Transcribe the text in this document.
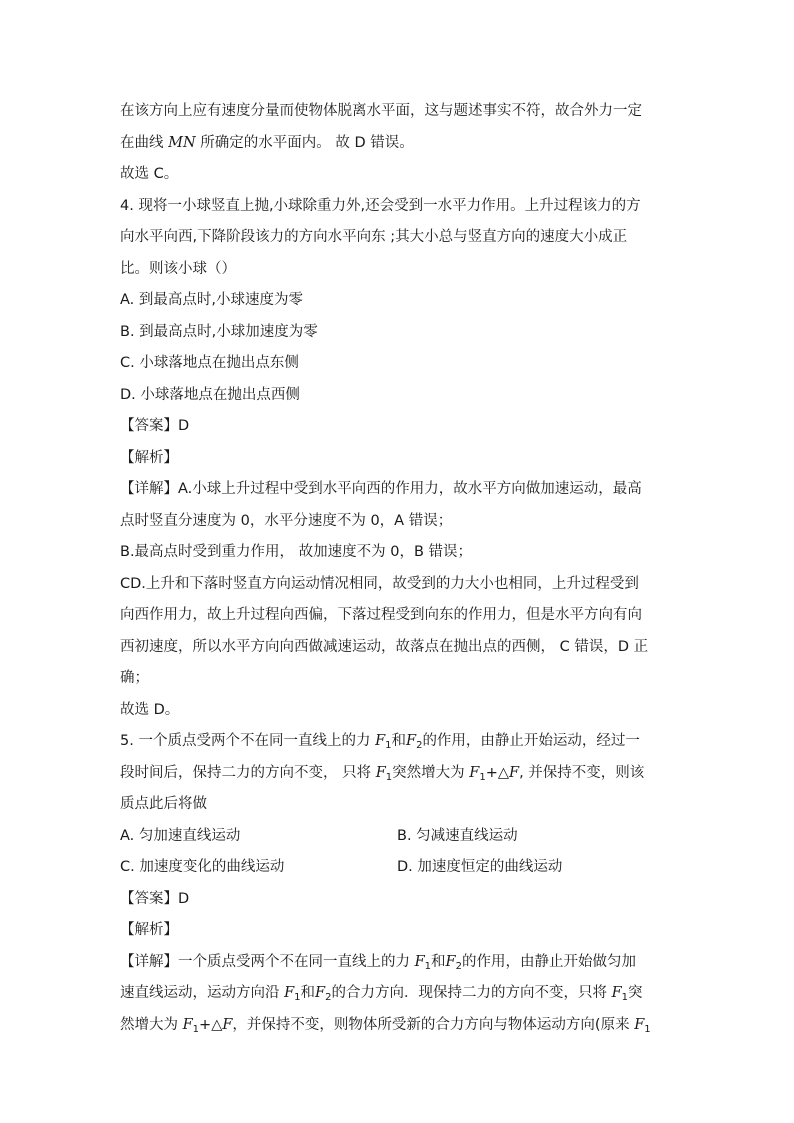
在该方向上应有速度分量而使物体脱离水平面，这与题述事实不符，故合外力一定
在曲线 MN 所确定的水平面内。 故 D 错误。
故选 C。
4. 现将一小球竖直上抛,小球除重力外,还会受到一水平力作用。上升过程该力的方
向水平向西,下降阶段该力的方向水平向东 ;其大小总与竖直方向的速度大小成正
比。则该小球（）
A. 到最高点时,小球速度为零
B. 到最高点时,小球加速度为零
C. 小球落地点在抛出点东侧
D. 小球落地点在抛出点西侧
【答案】D
【解析】
【详解】A.小球上升过程中受到水平向西的作用力，故水平方向做加速运动，最高
点时竖直分速度为 0，水平分速度不为 0，A 错误；
B.最高点时受到重力作用， 故加速度不为 0，B 错误；
CD.上升和下落时竖直方向运动情况相同，故受到的力大小也相同，上升过程受到
向西作用力，故上升过程向西偏，下落过程受到向东的作用力，但是水平方向有向
西初速度，所以水平方向向西做减速运动，故落点在抛出点的西侧， C 错误，D 正
确；
故选 D。
5. 一个质点受两个不在同一直线上的力 $F_1$和$F_2$的作用，由静止开始运动，经过一
段时间后，保持二力的方向不变， 只将 $F_1$突然增大为 $F_1+\triangle F$, 并保持不变，则该
质点此后将做
A. 匀加速直线运动	B. 匀减速直线运动
C. 加速度变化的曲线运动	D. 加速度恒定的曲线运动
【答案】D
【解析】
【详解】一个质点受两个不在同一直线上的力 $F_1$和$F_2$的作用，由静止开始做匀加
速直线运动，运动方向沿 $F_1$和$F_2$的合力方向．现保持二力的方向不变，只将 $F_1$突
然增大为 $F_1+\triangle F$，并保持不变，则物体所受新的合力方向与物体运动方向(原来 $F_1$
